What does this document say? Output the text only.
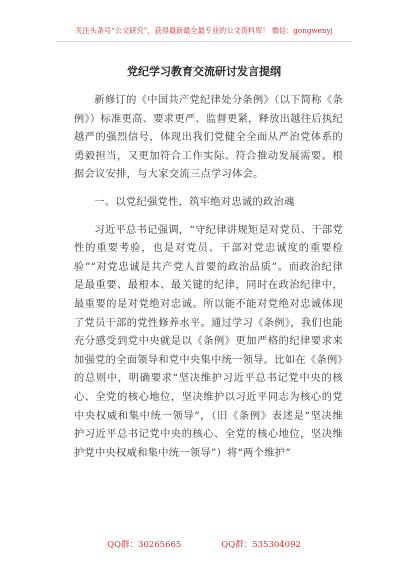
关注头条号“公文研究”，获得最新最全最专业的公文资料库！ 微信：gongwenyj
党纪学习教育交流研讨发言提纲

新修订的《中国共产党纪律处分条例》（以下简称《条例》）标准更高、要求更严、监督更紧，释放出越往后执纪越严的强烈信号，体现出我们党健全全面从严治党体系的勇毅担当，又更加符合工作实际、符合推动发展需要。根据会议安排，与大家交流三点学习体会。

一、以党纪强党性，筑牢绝对忠诚的政治魂

习近平总书记强调，“守纪律讲规矩是对党员、干部党性的重要考验，也是对党员、干部对党忠诚度的重要检验”“对党忠诚是共产党人首要的政治品质”。而政治纪律是最重要、最根本、最关键的纪律，同时在政治纪律中，最重要的是对党绝对忠诚。所以能不能对党绝对忠诚体现了党员干部的党性修养水平。通过学习《条例》，我们也能充分感受到党中央就是以《条例》更加严格的纪律要求来加强党的全面领导和党中央集中统一领导。比如在《条例》的总则中，明确要求“坚决维护习近平总书记党中央的核心、全党的核心地位，坚决维护以习近平同志为核心的党中央权威和集中统一领导”，（旧《条例》表述是“坚决维护习近平总书记党中央的核心、全党的核心地位，坚决维护党中央权威和集中统一领导”）将“两个维护”

QQ群：30265665	QQ群：535304092
